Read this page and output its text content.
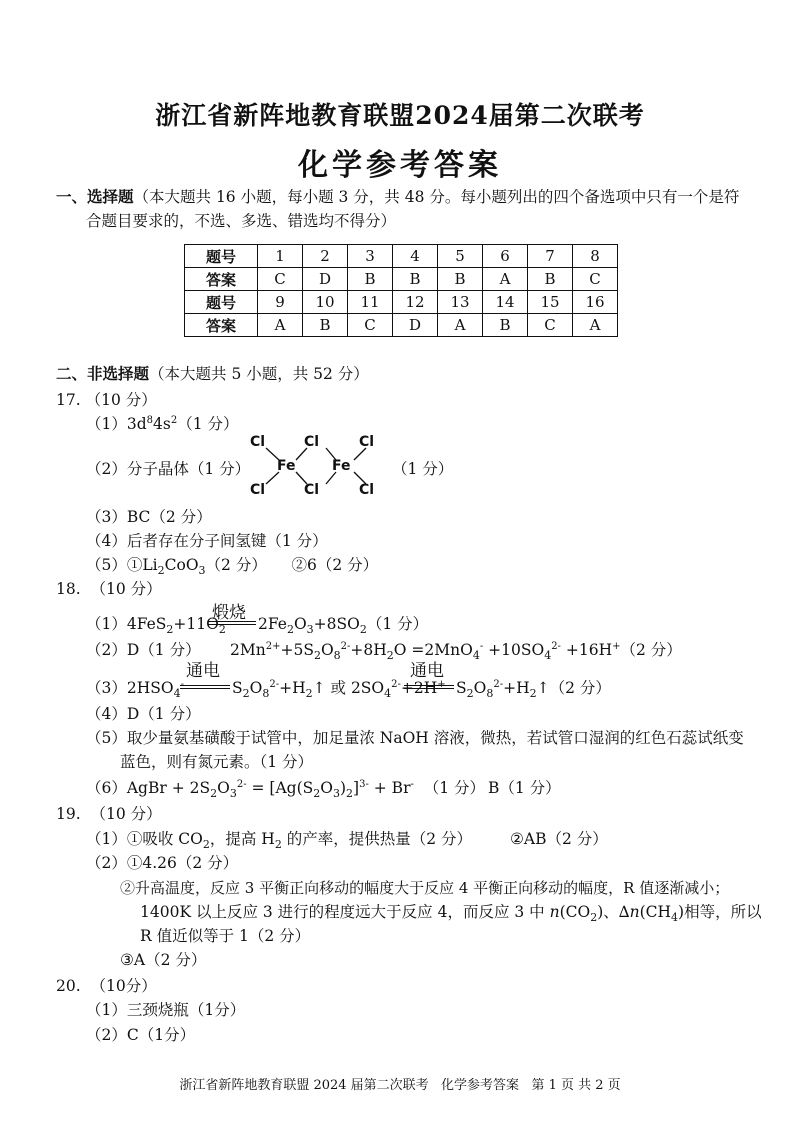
浙江省新阵地教育联盟2024届第二次联考
化学参考答案
一、选择题（本大题共 16 小题，每小题 3 分，共 48 分。每小题列出的四个备选项中只有一个是符
合题目要求的，不选、多选、错选均不得分）
题号	1	2	3	4	5	6	7	8
答案	C	D	B	B	B	A	B	C
题号	9	10	11	12	13	14	15	16
答案	A	B	C	D	A	B	C	A
二、非选择题（本大题共 5 小题，共 52 分）
17. （10 分）
$(1)3d^84s^2(1$ 分）
（2）分子晶体（1 分）
Cl	Cl	Cl
Fe	Fe
Cl	Cl	Cl
（1 分）
（3）BC（2 分）
（4）后者存在分子间氢键（1 分）
$(5)①Li_2CoO_3(2$ 分） ②6（2 分）
18. （10 分）
煅烧
$(1)4FeS_2+11O_2$ $2Fe_2O_3+8SO_2(1$ 分）
（2）D（1 分） $2Mn^{2+}+5S_2O_8^{2-}+8H_2O =2MnO_4^- +10SO_4^{2-} +16H^+(2$ 分）
通电	通电
$(3)2HSO_4^-$	$S_2O_8^{2-}+H_2↑$ 或 $2SO_4^{2-}+2H^+$ $S_2O_8^{2-}+H_2↑(2$ 分）
（4）D（1 分）
（5）取少量氨基磺酸于试管中，加足量浓 NaOH 溶液，微热，若试管口湿润的红色石蕊试纸变
蓝色，则有氮元素。（1 分）
（6）AgBr + $2S_2O_3^{2-} = [Ag(S_2O_3)_2]^{3-} + Br^-$ （1 分） B（1 分）
19. （10 分）
（1）①吸收 $CO_2$，提高 $H_2$ 的产率，提供热量（2 分） ②AB（2 分）
（2）①4.26（2 分）
②升高温度，反应 3 平衡正向移动的幅度大于反应 4 平衡正向移动的幅度，R 值逐渐减小；
1400K 以上反应 3 进行的程度远大于反应 4，而反应 3 中 $n(CO_2)$、$\Delta n(CH_4)$相等，所以
R 值近似等于 1（2 分）
③A（2 分）
20. （10分）
（1）三颈烧瓶（1分）
（2）C（1分）
浙江省新阵地教育联盟 2024 届第二次联考   化学参考答案   第 1 页 共 2 页
